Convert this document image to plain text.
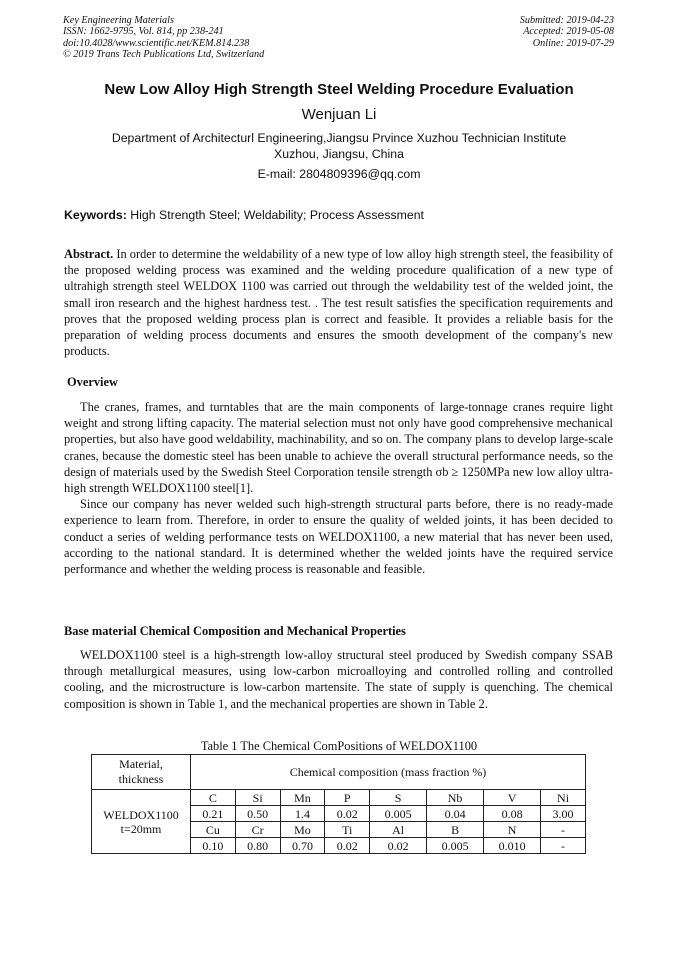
Key Engineering Materials
ISSN: 1662-9795, Vol. 814, pp 238-241
doi:10.4028/www.scientific.net/KEM.814.238
© 2019 Trans Tech Publications Ltd, Switzerland
Submitted: 2019-04-23
Accepted: 2019-05-08
Online: 2019-07-29
New Low Alloy High Strength Steel Welding Procedure Evaluation
Wenjuan Li
Department of Architecturl Engineering,Jiangsu Prvince Xuzhou Technician Institute
Xuzhou, Jiangsu, China
E-mail: 2804809396@qq.com
Keywords: High Strength Steel; Weldability; Process Assessment
Abstract. In order to determine the weldability of a new type of low alloy high strength steel, the feasibility of the proposed welding process was examined and the welding procedure qualification of a new type of ultrahigh strength steel WELDOX 1100 was carried out through the weldability test of the welded joint, the small iron research and the highest hardness test. . The test result satisfies the specification requirements and proves that the proposed welding process plan is correct and feasible. It provides a reliable basis for the preparation of welding process documents and ensures the smooth development of the company's new products.
Overview

The cranes, frames, and turntables that are the main components of large-tonnage cranes require light weight and strong lifting capacity. The material selection must not only have good comprehensive mechanical properties, but also have good weldability, machinability, and so on. The company plans to develop large-scale cranes, because the domestic steel has been unable to achieve the overall structural performance needs, so the design of materials used by the Swedish Steel Corporation tensile strength σb ≥ 1250MPa new low alloy ultra-high strength WELDOX1100 steel[1].

Since our company has never welded such high-strength structural parts before, there is no ready-made experience to learn from. Therefore, in order to ensure the quality of welded joints, it has been decided to conduct a series of welding performance tests on WELDOX1100, a new material that has never been used, according to the national standard. It is determined whether the welded joints have the required service performance and whether the welding process is reasonable and feasible.

Base material Chemical Composition and Mechanical Properties

WELDOX1100 steel is a high-strength low-alloy structural steel produced by Swedish company SSAB through metallurgical measures, using low-carbon microalloying and controlled rolling and controlled cooling, and the microstructure is low-carbon martensite. The state of supply is quenching. The chemical composition is shown in Table 1, and the mechanical properties are shown in Table 2.

Table 1 The Chemical ComPositions of WELDOX1100
Material,
thickness	Chemical composition (mass fraction %)							

WELDOX1100
t=20mm	C	Si	Mn	P	S	Nb	V	Ni
	0.21	0.50	1.4	0.02	0.005	0.04	0.08	3.00
	Cu	Cr	Mo	Ti	Al	B	N	-
	0.10	0.80	0.70	0.02	0.02	0.005	0.010	-
